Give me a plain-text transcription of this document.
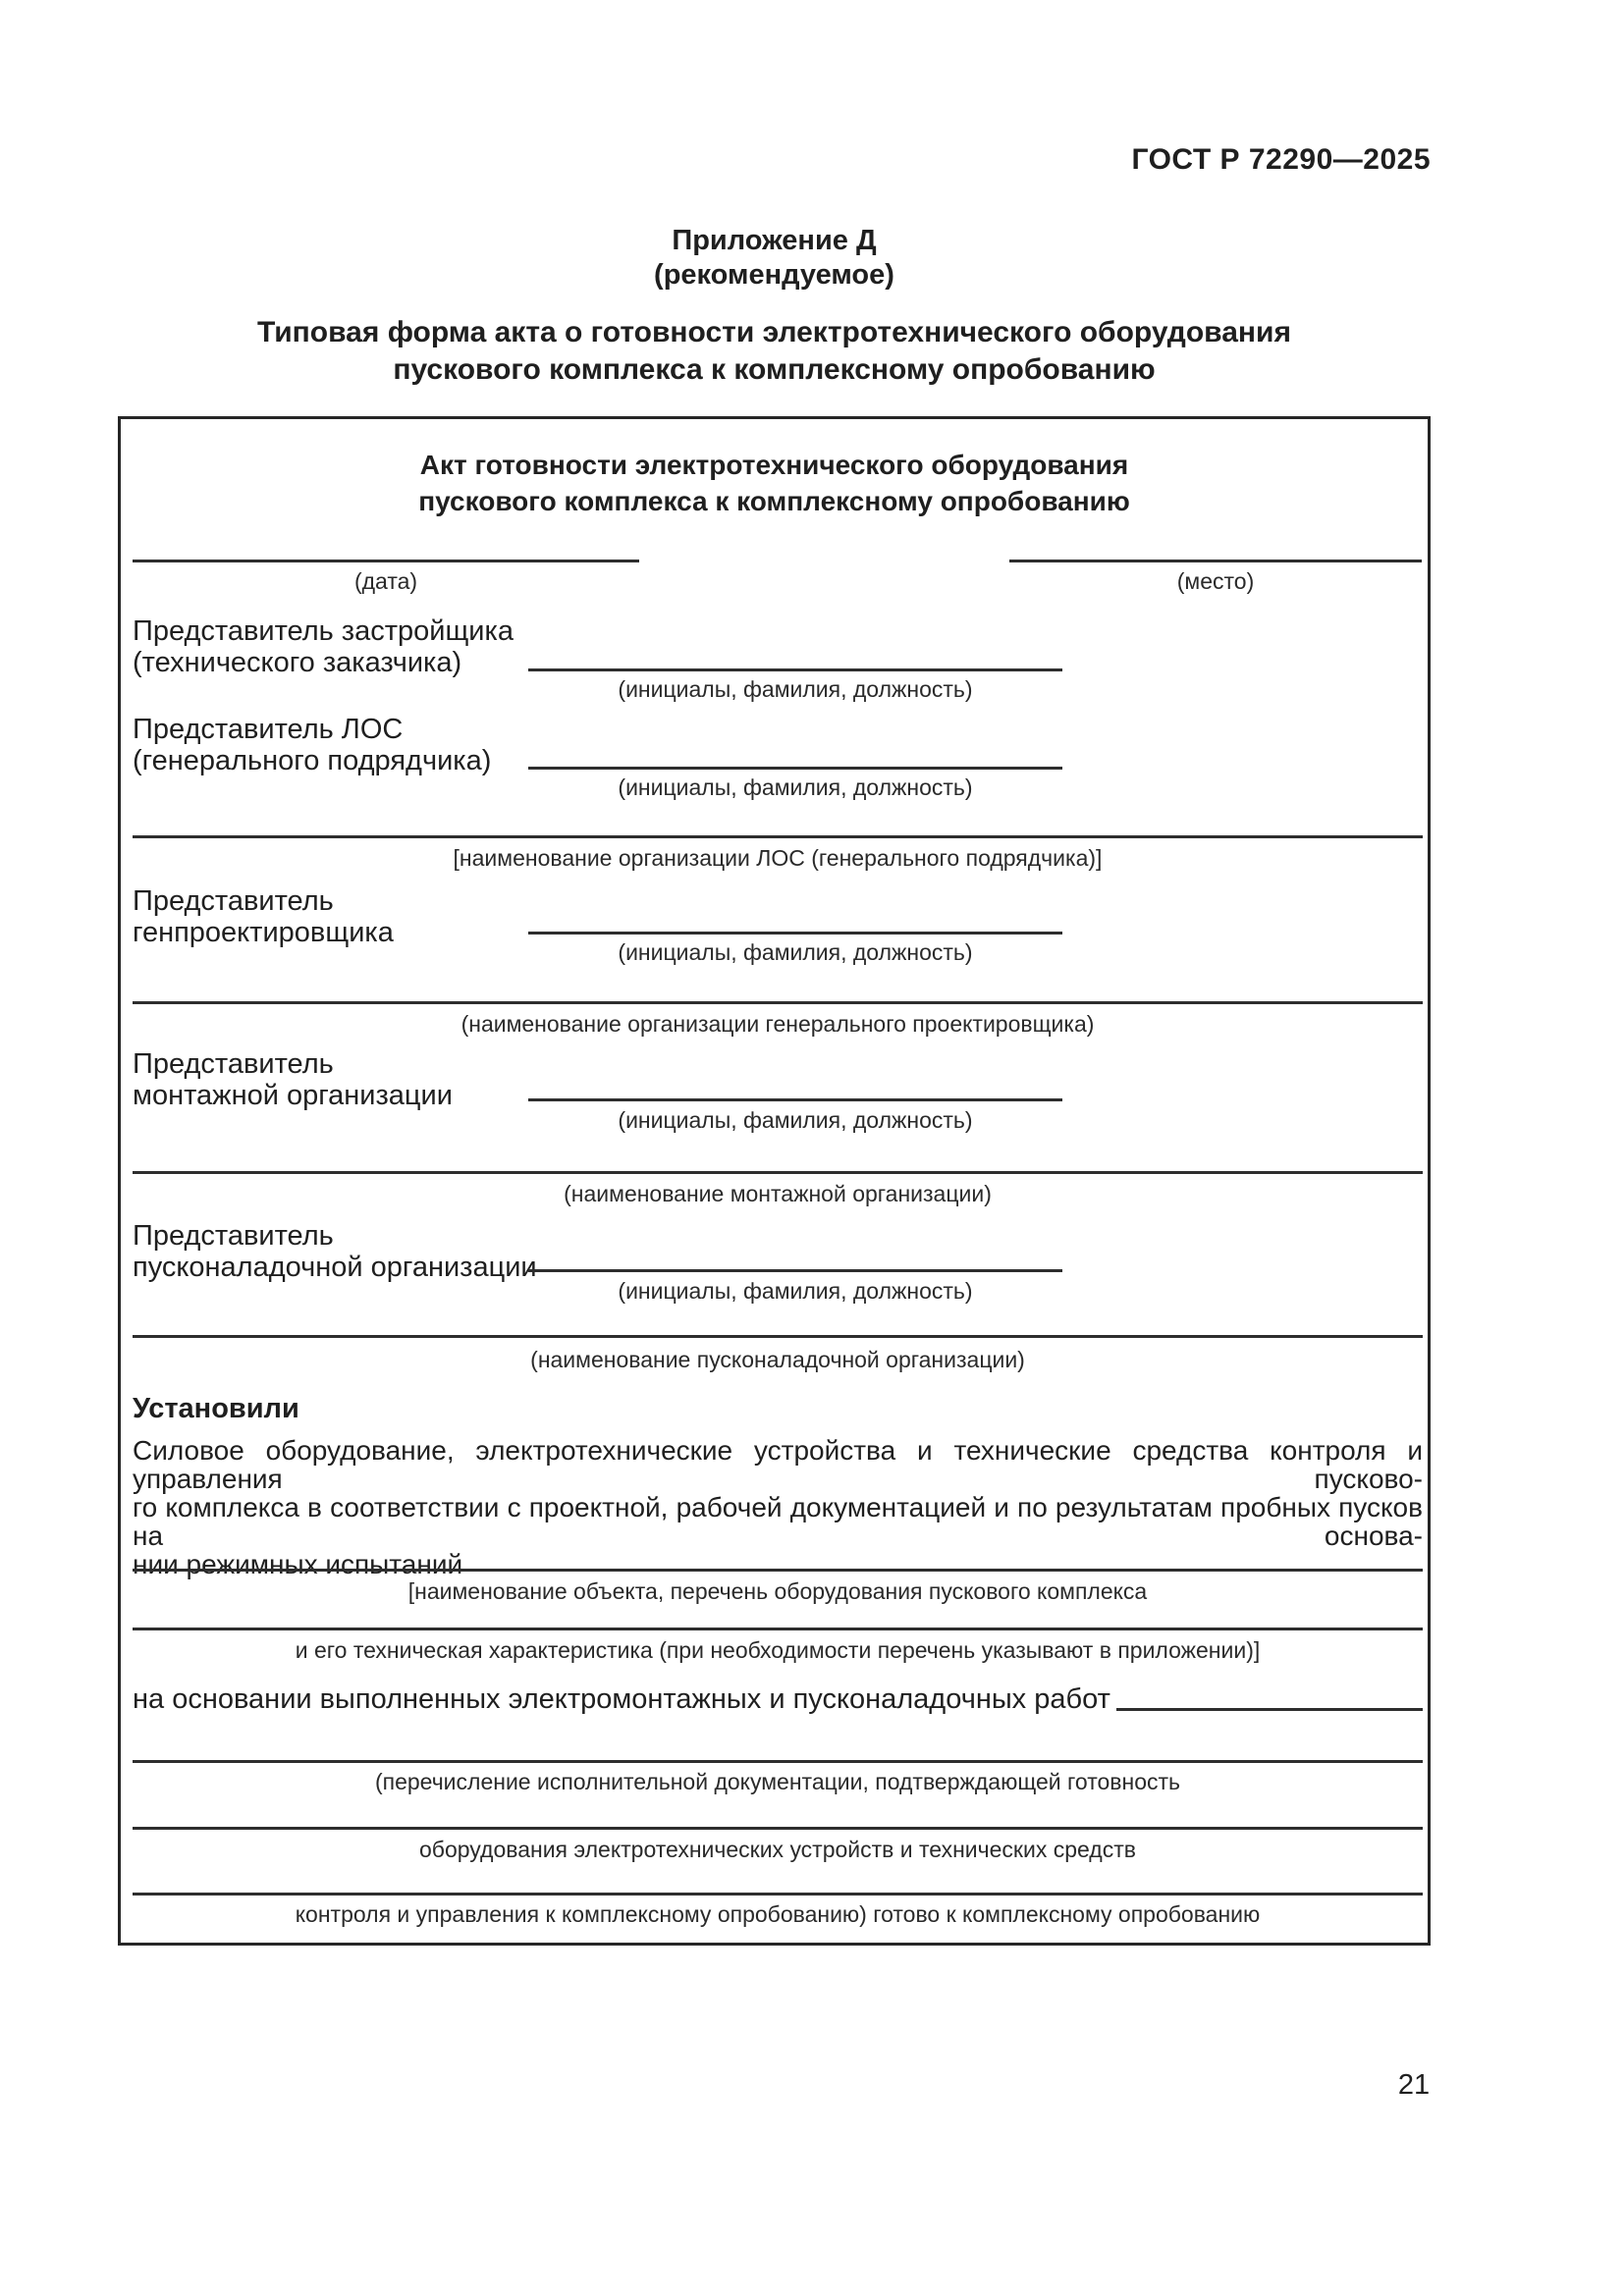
ГОСТ Р 72290—2025
Приложение Д
(рекомендуемое)
Типовая форма акта о готовности электротехнического оборудования
пускового комплекса к комплексному опробованию
Акт готовности электротехнического оборудования
пускового комплекса к комплексному опробованию
(дата)	(место)
Представитель застройщика
(технического заказчика)
(инициалы, фамилия, должность)
Представитель ЛОС
(генерального подрядчика)
(инициалы, фамилия, должность)
[наименование организации ЛОС (генерального подрядчика)]
Представитель
генпроектировщика
(инициалы, фамилия, должность)
(наименование организации генерального проектировщика)
Представитель
монтажной организации
(инициалы, фамилия, должность)
(наименование монтажной организации)
Представитель
пусконаладочной организации
(инициалы, фамилия, должность)
(наименование пусконаладочной организации)
Установили
Силовое оборудование, электротехнические устройства и технические средства контроля и управления пусково-
го комплекса в соответствии с проектной, рабочей документацией и по результатам пробных пусков на основа-
нии режимных испытаний
[наименование объекта, перечень оборудования пускового комплекса
и его техническая характеристика (при необходимости перечень указывают в приложении)]
на основании выполненных электромонтажных и пусконаладочных работ
(перечисление исполнительной документации, подтверждающей готовность
оборудования электротехнических устройств и технических средств
контроля и управления к комплексному опробованию) готово к комплексному опробованию
21
